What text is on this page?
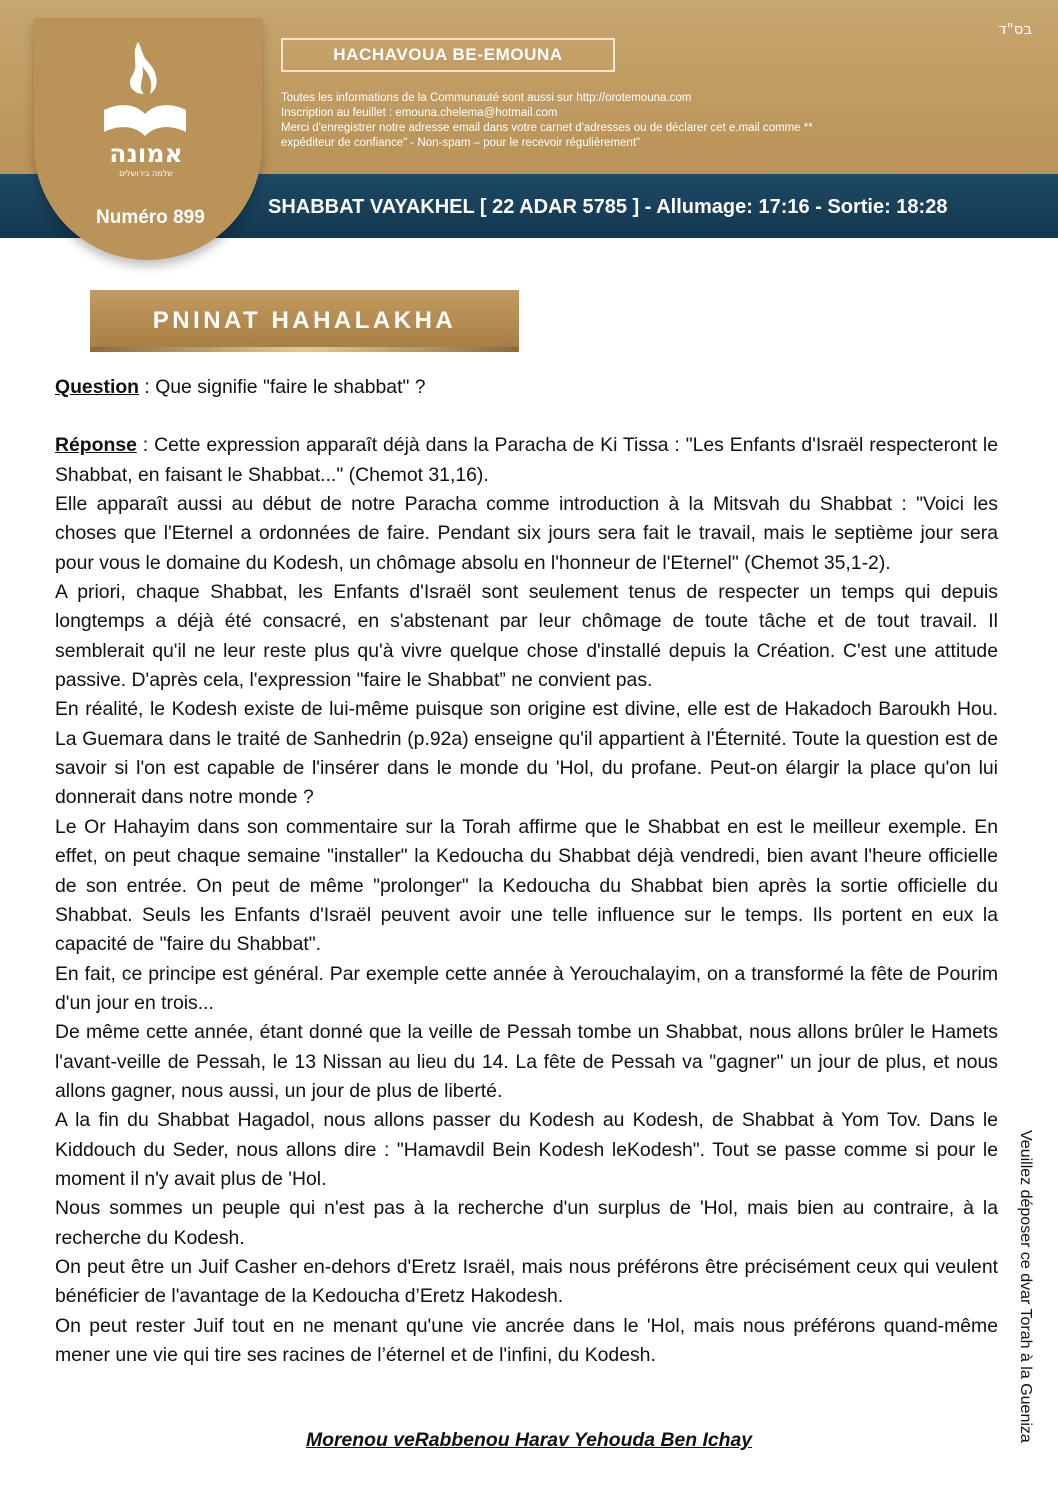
בס"ד
HACHAVOUA BE-EMOUNA
Toutes les informations de la Communauté sont aussi sur http://orotemouna.com
Inscription au feuillet : emouna.chelema@hotmail.com
Merci d'enregistrer notre adresse email dans votre carnet d'adresses ou de déclarer cet e.mail comme **
expéditeur de confiance" - Non-spam – pour le recevoir régulièrement"
SHABBAT VAYAKHEL [ 22 ADAR 5785 ] - Allumage: 17:16 - Sortie: 18:28
אמונה
שלמה בירושלים
Numéro 899
PNINAT HAHALAKHA

Question : Que signifie "faire le shabbat" ?

Réponse : Cette expression apparaît déjà dans la Paracha de Ki Tissa : "Les Enfants d'Israël respecteront le Shabbat, en faisant le Shabbat..." (Chemot 31,16).

Elle apparaît aussi au début de notre Paracha comme introduction à la Mitsvah du Shabbat : "Voici les choses que l'Eternel a ordonnées de faire. Pendant six jours sera fait le travail, mais le septième jour sera pour vous le domaine du Kodesh, un chômage absolu en l'honneur de l'Eternel" (Chemot 35,1-2).

A priori, chaque Shabbat, les Enfants d'Israël sont seulement tenus de respecter un temps qui depuis longtemps a déjà été consacré, en s'abstenant par leur chômage de toute tâche et de tout travail. Il semblerait qu'il ne leur reste plus qu'à vivre quelque chose d'installé depuis la Création. C'est une attitude passive. D'après cela, l'expression "faire le Shabbat” ne convient pas.

En réalité, le Kodesh existe de lui-même puisque son origine est divine, elle est de Hakadoch Baroukh Hou. La Guemara dans le traité de Sanhedrin (p.92a) enseigne qu'il appartient à l'Éternité. Toute la question est de savoir si l'on est capable de l'insérer dans le monde du 'Hol, du profane. Peut-on élargir la place qu'on lui donnerait dans notre monde ?

Le Or Hahayim dans son commentaire sur la Torah affirme que le Shabbat en est le meilleur exemple. En effet, on peut chaque semaine "installer" la Kedoucha du Shabbat déjà vendredi, bien avant l'heure officielle de son entrée. On peut de même "prolonger" la Kedoucha du Shabbat bien après la sortie officielle du Shabbat. Seuls les Enfants d'Israël peuvent avoir une telle influence sur le temps. Ils portent en eux la capacité de "faire du Shabbat".

En fait, ce principe est général. Par exemple cette année à Yerouchalayim, on a transformé la fête de Pourim d'un jour en trois...

De même cette année, étant donné que la veille de Pessah tombe un Shabbat, nous allons brûler le Hamets l'avant-veille de Pessah, le 13 Nissan au lieu du 14. La fête de Pessah va "gagner" un jour de plus, et nous allons gagner, nous aussi, un jour de plus de liberté.

A la fin du Shabbat Hagadol, nous allons passer du Kodesh au Kodesh, de Shabbat à Yom Tov. Dans le Kiddouch du Seder, nous allons dire : "Hamavdil Bein Kodesh leKodesh". Tout se passe comme si pour le moment il n'y avait plus de 'Hol.

Nous sommes un peuple qui n'est pas à la recherche d'un surplus de 'Hol, mais bien au contraire, à la recherche du Kodesh.

On peut être un Juif Casher en-dehors d'Eretz Israël, mais nous préférons être précisément ceux qui veulent bénéficier de l'avantage de la Kedoucha d’Eretz Hakodesh.

On peut rester Juif tout en ne menant qu'une vie ancrée dans le 'Hol, mais nous préférons quand-même mener une vie qui tire ses racines de l’éternel et de l'infini, du Kodesh.

Morenou veRabbenou Harav Yehouda Ben Ichay	Veuillez déposer ce dvar Torah à la Guenizа
